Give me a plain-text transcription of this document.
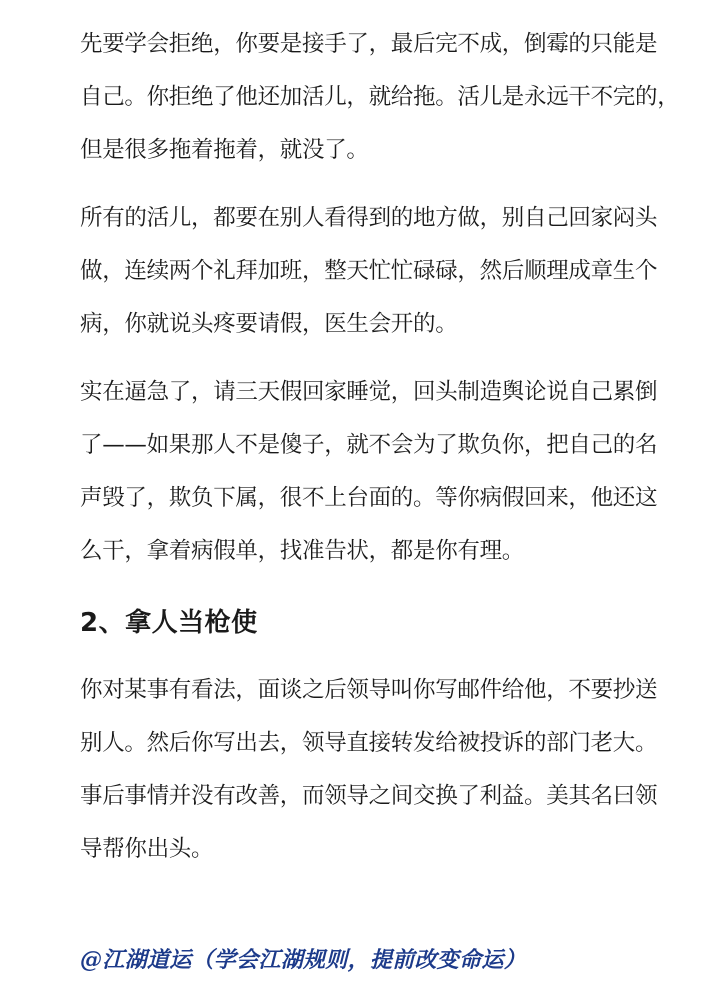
先要学会拒绝，你要是接手了，最后完不成，倒霉的只能是
自己。你拒绝了他还加活儿，就给拖。活儿是永远干不完的，
但是很多拖着拖着，就没了。

所有的活儿，都要在别人看得到的地方做，别自己回家闷头
做，连续两个礼拜加班，整天忙忙碌碌，然后顺理成章生个
病，你就说头疼要请假，医生会开的。

实在逼急了，请三天假回家睡觉，回头制造舆论说自己累倒
了——如果那人不是傻子，就不会为了欺负你，把自己的名
声毁了，欺负下属，很不上台面的。等你病假回来，他还这
么干，拿着病假单，找准告状，都是你有理。

2、拿人当枪使

你对某事有看法，面谈之后领导叫你写邮件给他，不要抄送
别人。然后你写出去，领导直接转发给被投诉的部门老大。
事后事情并没有改善，而领导之间交换了利益。美其名曰领
导帮你出头。

@江湖道运（学会江湖规则，提前改变命运）
